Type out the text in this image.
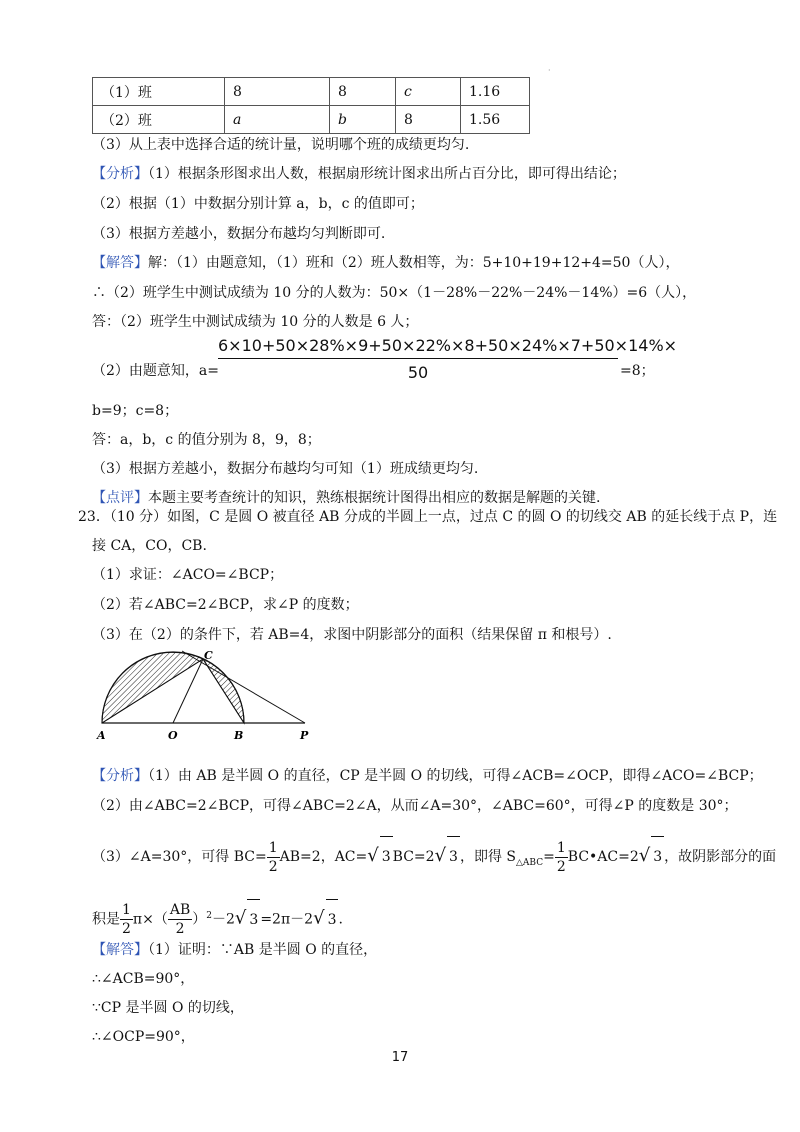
·
（1）班	8	8	c	1.16
（2）班	a	b	8	1.56
（3）从上表中选择合适的统计量，说明哪个班的成绩更均匀.
【分析】（1）根据条形图求出人数，根据扇形统计图求出所占百分比，即可得出结论；
（2）根据（1）中数据分别计算 a，b，c 的值即可；
（3）根据方差越小，数据分布越均匀判断即可.
【解答】解：（1）由题意知，（1）班和（2）班人数相等，为：5+10+19+12+4=50（人），
∴（2）班学生中测试成绩为 10 分的人数为：50×（1－28%－22%－24%－14%）=6（人），
答：（2）班学生中测试成绩为 10 分的人数是 6 人；
（2）由题意知，a=
6×10+50×28%×9+50×22%×8+50×24%×7+50×14%×
50	=8；
b=9；c=8；
答：a，b，c 的值分别为 8，9，8；
（3）根据方差越小，数据分布越均匀可知（1）班成绩更均匀.
【点评】本题主要考查统计的知识，熟练根据统计图得出相应的数据是解题的关键.
23．（10 分）如图，C 是圆 O 被直径 AB 分成的半圆上一点，过点 C 的圆 O 的切线交 AB 的延长线于点 P，连
接 CA，CO，CB.
（1）求证：∠ACO=∠BCP；
（2）若∠ABC=2∠BCP，求∠P 的度数；
（3）在（2）的条件下，若 AB=4，求图中阴影部分的面积（结果保留 π 和根号）.
A	O	B	P
C
【分析】（1）由 AB 是半圆 O 的直径，CP 是半圆 O 的切线，可得∠ACB=∠OCP，即得∠ACO=∠BCP；
（2）由∠ABC=2∠BCP，可得∠ABC=2∠A，从而∠A=30°，∠ABC=60°，可得∠P 的度数是 30°；
（3）∠A=30°，可得 $BC= \frac{1}{2} AB=2$，AC=√ 3 BC=2√ 3 ，即得 $S_{\triangle ABC}= \frac{1}{2}$ BC•AC=2√ 3 ，故阴影部分的面
积是 $\frac{1}{2} \pi\times( \frac{AB}{2} )^2-2√$ 3 =2π－2√ 3 .
【解答】（1）证明：∵AB 是半圆 O 的直径，
∴∠ACB=90°，
∵CP 是半圆 O 的切线，
∴∠OCP=90°，
17
